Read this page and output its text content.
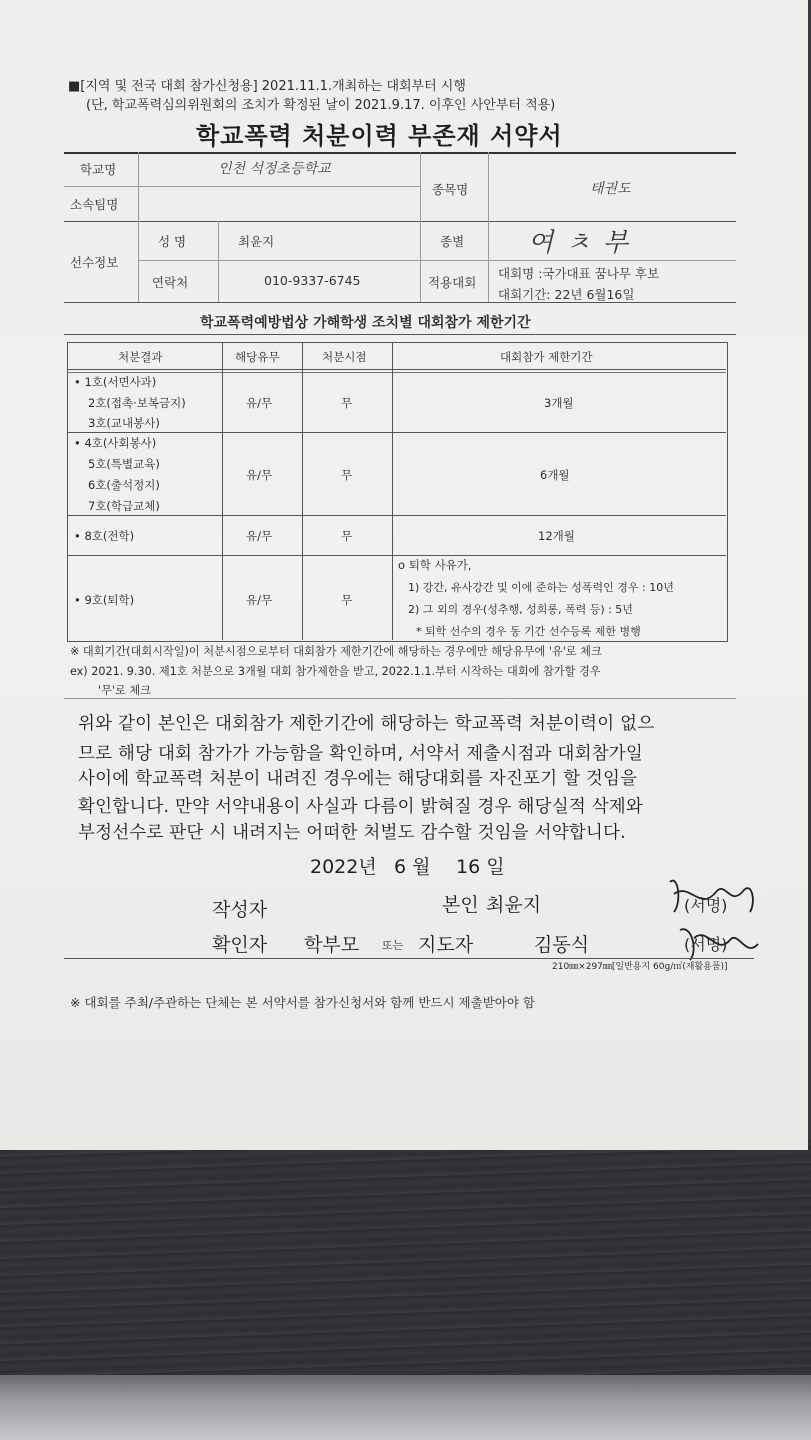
■[지역 및 전국 대회 참가신청용] 2021.11.1.개최하는 대회부터 시행
(단, 학교폭력심의위원회의 조치가 확정된 날이 2021.9.17. 이후인 사안부터 적용)
학교폭력 처분이력 부존재 서약서
학교명	인천 석정초등학교
소속팀명
종목명	태권도
선수정보
성 명	최윤지	종별 여 ㅊ 부
연락처	010-9337-6745	적용대회
대회명 :국가대표 꿈나무 후보
대회기간: 22년 6월16일
학교폭력예방법상 가해학생 조치별 대회참가 제한기간
처분결과	해당유무	처분시점	대회참가 제한기간
• 1호(서면사과)
2호(접촉·보복금지)
3호(교내봉사)
유/무	무	3개월
• 4호(사회봉사)
5호(특별교육)
6호(출석정지)
7호(학급교체)
유/무	무	6개월
• 8호(전학)	유/무	무	12개월
• 9호(퇴학)	유/무	무
o 퇴학 사유가,
1) 강간, 유사강간 및 이에 준하는 성폭력인 경우 : 10년
2) 그 외의 경우(성추행, 성희롱, 폭력 등) : 5년
* 퇴학 선수의 경우 동 기간 선수등록 제한 병행
※ 대회기간(대회시작일)이 처분시점으로부터 대회참가 제한기간에 해당하는 경우에만 해당유무에 '유'로 체크
ex) 2021. 9.30. 제1호 처분으로 3개월 대회 참가제한을 받고, 2022.1.1.부터 시작하는 대회에 참가할 경우
'무'로 체크
위와 같이 본인은 대회참가 제한기간에 해당하는 학교폭력 처분이력이 없으
므로 해당 대회 참가가 가능함을 확인하며, 서약서 제출시점과 대회참가일
사이에 학교폭력 처분이 내려진 경우에는 해당대회를 자진포기 할 것임을
확인합니다. 만약 서약내용이 사실과 다름이 밝혀질 경우 해당실적 삭제와
부정선수로 판단 시 내려지는 어떠한 처벌도 감수할 것임을 서약합니다.
2022년 6 월 16 일
작성자	본인 최윤지	(서명)
확인자 학부모 또는 지도자	김동식	(서명)
210㎜×297㎜[일반용지 60g/㎡(재활용품)]
※ 대회를 주최/주관하는 단체는 본 서약서를 참가신청서와 함께 반드시 제출받아야 함
